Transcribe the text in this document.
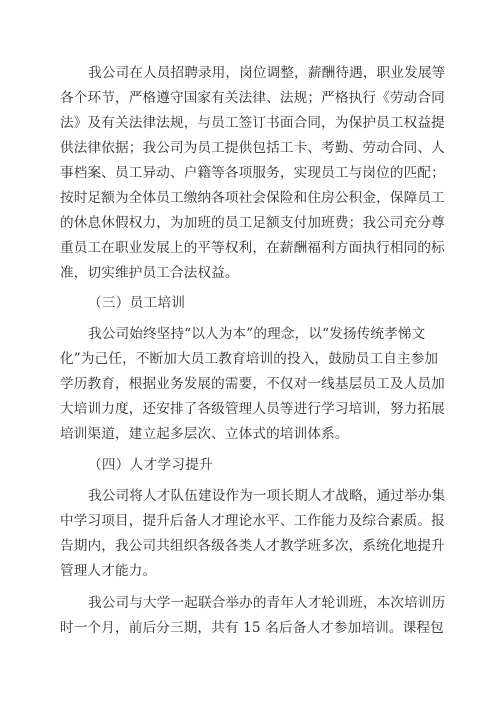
我公司在人员招聘录用，岗位调整，薪酬待遇，职业发展等
各个环节，严格遵守国家有关法律、法规；严格执行《劳动合同
法》及有关法律法规，与员工签订书面合同，为保护员工权益提
供法律依据；我公司为员工提供包括工卡、考勤、劳动合同、人
事档案、员工异动、户籍等各项服务，实现员工与岗位的匹配；
按时足额为全体员工缴纳各项社会保险和住房公积金，保障员工
的休息休假权力，为加班的员工足额支付加班费；我公司充分尊
重员工在职业发展上的平等权利，在薪酬福利方面执行相同的标
准，切实维护员工合法权益。
（三）员工培训
我公司始终坚持“以人为本”的理念，以“发扬传统孝悌文
化”为己任，不断加大员工教育培训的投入，鼓励员工自主参加
学历教育，根据业务发展的需要，不仅对一线基层员工及人员加
大培训力度，还安排了各级管理人员等进行学习培训，努力拓展
培训渠道，建立起多层次、立体式的培训体系。
（四）人才学习提升
我公司将人才队伍建设作为一项长期人才战略，通过举办集
中学习项目，提升后备人才理论水平、工作能力及综合素质。报
告期内，我公司共组织各级各类人才教学班多次，系统化地提升
管理人才能力。
我公司与大学一起联合举办的青年人才轮训班，本次培训历
时一个月，前后分三期，共有 15 名后备人才参加培训。课程包
